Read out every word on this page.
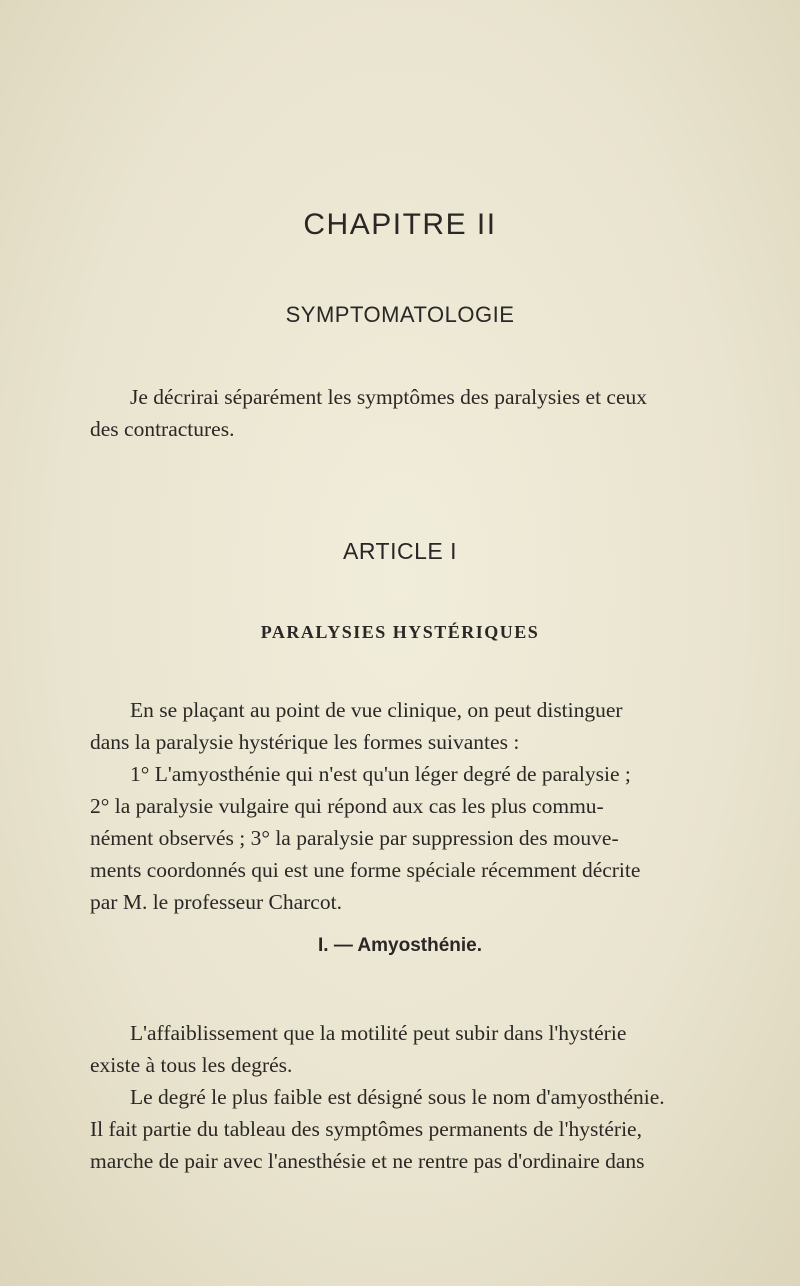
CHAPITRE II
SYMPTOMATOLOGIE
Je décrirai séparément les symptômes des paralysies et ceux
des contractures.
ARTICLE I
PARALYSIES HYSTÉRIQUES
En se plaçant au point de vue clinique, on peut distinguer
dans la paralysie hystérique les formes suivantes :
1° L'amyosthénie qui n'est qu'un léger degré de paralysie ;
2° la paralysie vulgaire qui répond aux cas les plus commu-
nément observés ; 3° la paralysie par suppression des mouve-
ments coordonnés qui est une forme spéciale récemment décrite
par M. le professeur Charcot.
I. — Amyosthénie.
L'affaiblissement que la motilité peut subir dans l'hystérie
existe à tous les degrés.
Le degré le plus faible est désigné sous le nom d'amyosthénie.
Il fait partie du tableau des symptômes permanents de l'hystérie,
marche de pair avec l'anesthésie et ne rentre pas d'ordinaire dans
